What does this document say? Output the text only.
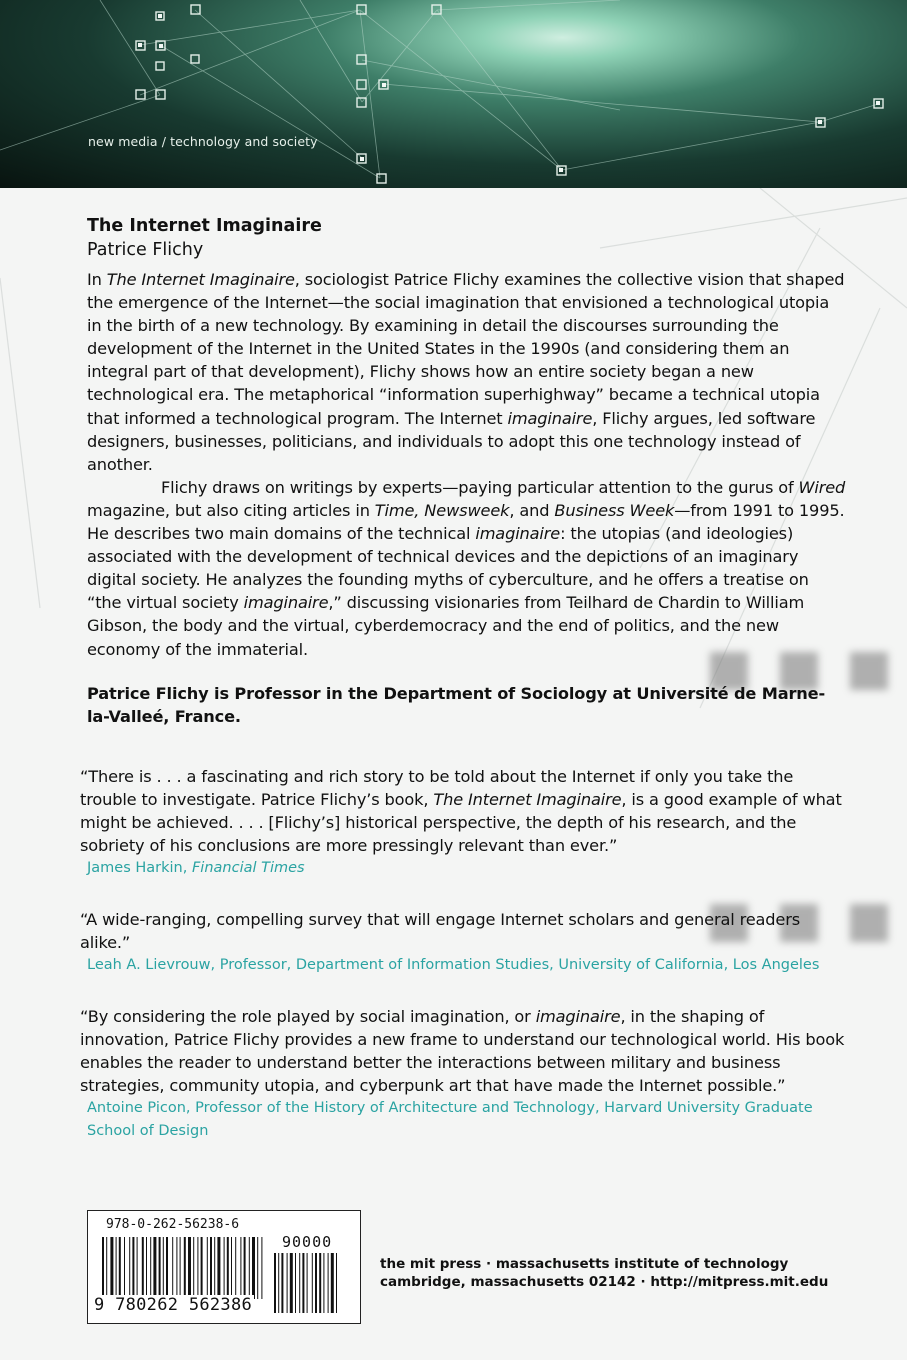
new media / technology and society
The Internet Imaginaire
Patrice Flichy

In The Internet Imaginaire, sociologist Patrice Flichy examines the collective vision that shaped the emergence of the Internet—the social imagination that envisioned a technological utopia in the birth of a new technology. By examining in detail the discourses surrounding the development of the Internet in the United States in the 1990s (and considering them an integral part of that development), Flichy shows how an entire society began a new technological era. The metaphorical “information superhighway” became a technical utopia that informed a technological program. The Internet imaginaire, Flichy argues, led software designers, businesses, politicians, and individuals to adopt this one technology instead of another.

Flichy draws on writings by experts—paying particular attention to the gurus of Wired magazine, but also citing articles in Time, Newsweek, and Business Week—from 1991 to 1995. He describes two main domains of the technical imaginaire: the utopias (and ideologies) associated with the development of technical devices and the depictions of an imaginary digital society. He analyzes the founding myths of cyberculture, and he offers a treatise on “the virtual society imaginaire,” discussing visionaries from Teilhard de Chardin to William Gibson, the body and the virtual, cyberdemocracy and the end of politics, and the new economy of the immaterial.

Patrice Flichy is Professor in the Department of Sociology at Université de Marne-la-Valleé, France.

“There is . . . a fascinating and rich story to be told about the Internet if only you take the trouble to investigate. Patrice Flichy’s book, The Internet Imaginaire, is a good example of what might be achieved. . . . [Flichy’s] historical perspective, the depth of his research, and the sobriety of his conclusions are more pressingly relevant than ever.”
James Harkin, Financial Times
“A wide-ranging, compelling survey that will engage Internet scholars and general readers alike.”
Leah A. Lievrouw, Professor, Department of Information Studies, University of California, Los Angeles
“By considering the role played by social imagination, or imaginaire, in the shaping of innovation, Patrice Flichy provides a new frame to understand our technological world. His book enables the reader to understand better the interactions between military and business strategies, community utopia, and cyberpunk art that have made the Internet possible.”
Antoine Picon, Professor of the History of Architecture and Technology, Harvard University Graduate School of Design
978-0-262-56238-6
90000
9 780262 562386
the mit press · massachusetts institute of technology
cambridge, massachusetts 02142 · http://mitpress.mit.edu
